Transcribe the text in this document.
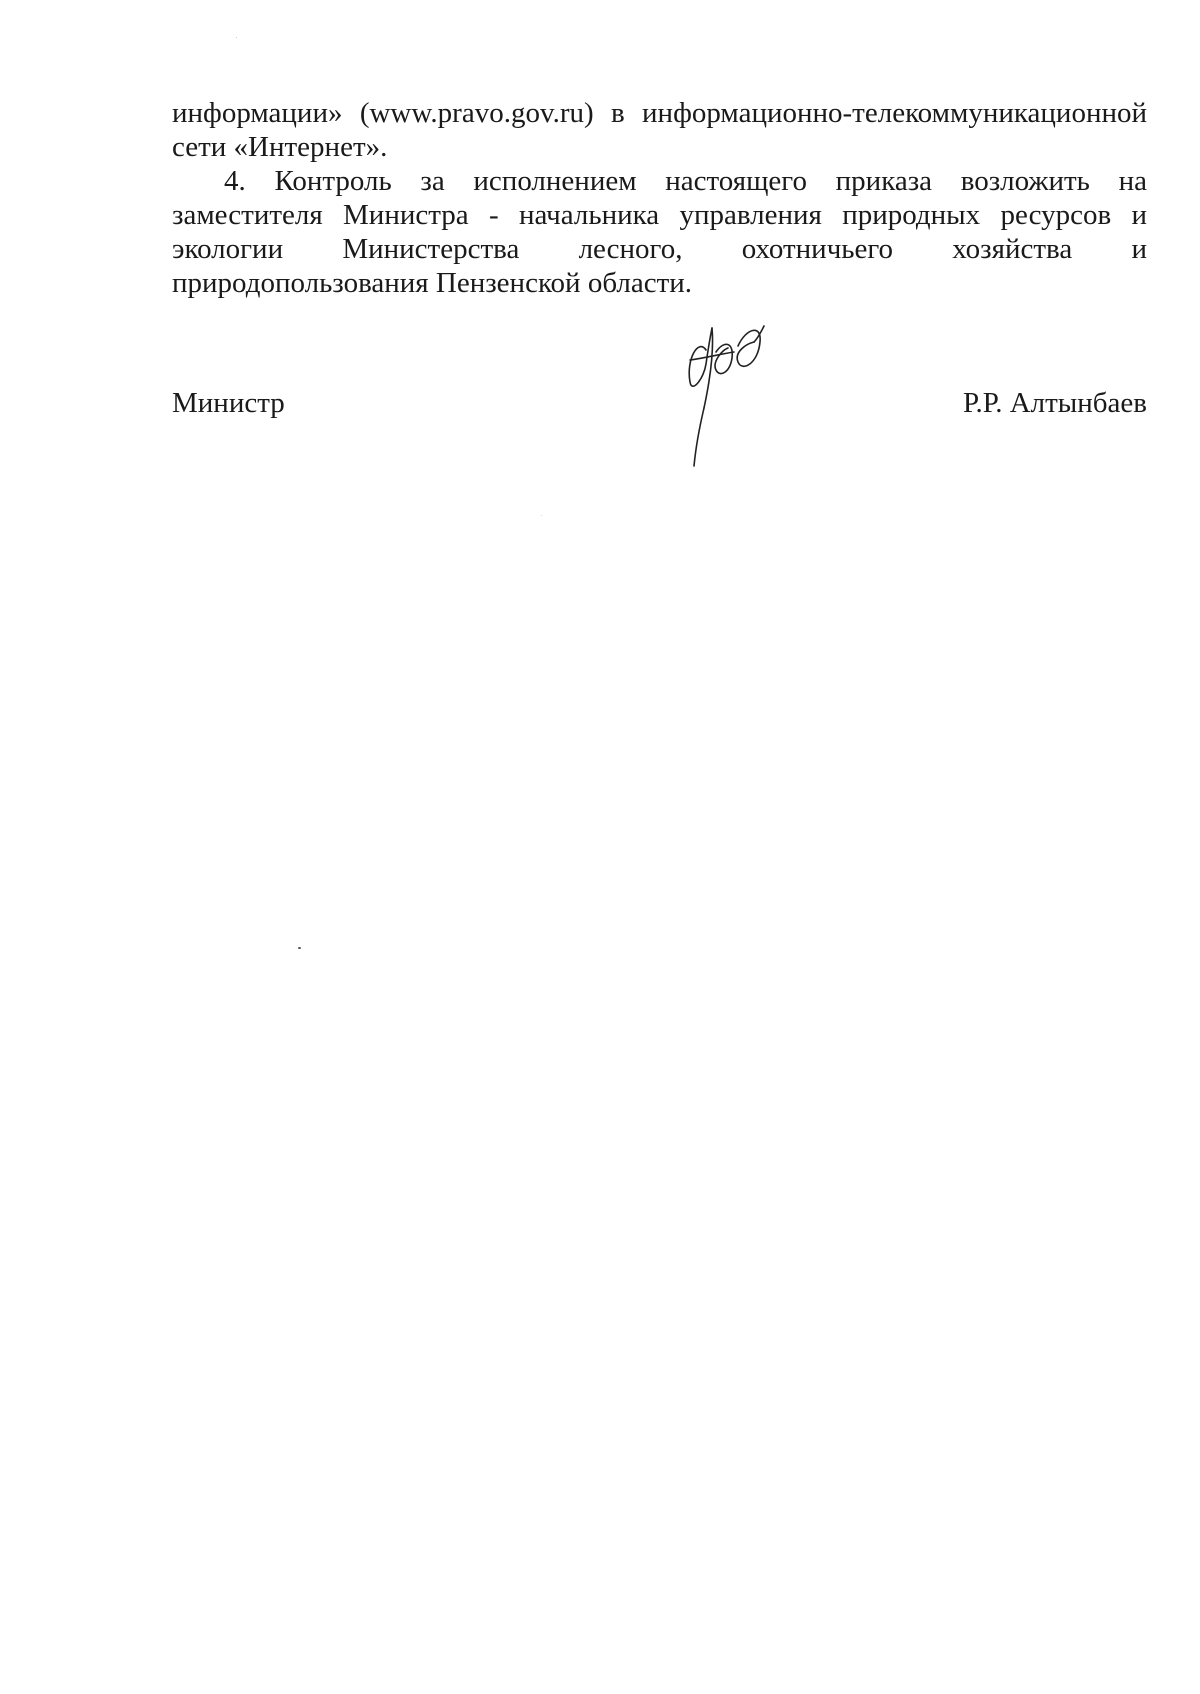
информации» (www.pravo.gov.ru) в информационно-телекоммуникационной
сети «Интернет».
4. Контроль за исполнением настоящего приказа возложить на
заместителя Министра - начальника управления природных ресурсов и
экологии Министерства лесного, охотничьего хозяйства и
природопользования Пензенской области.
Министр	Р.Р. Алтынбаев
